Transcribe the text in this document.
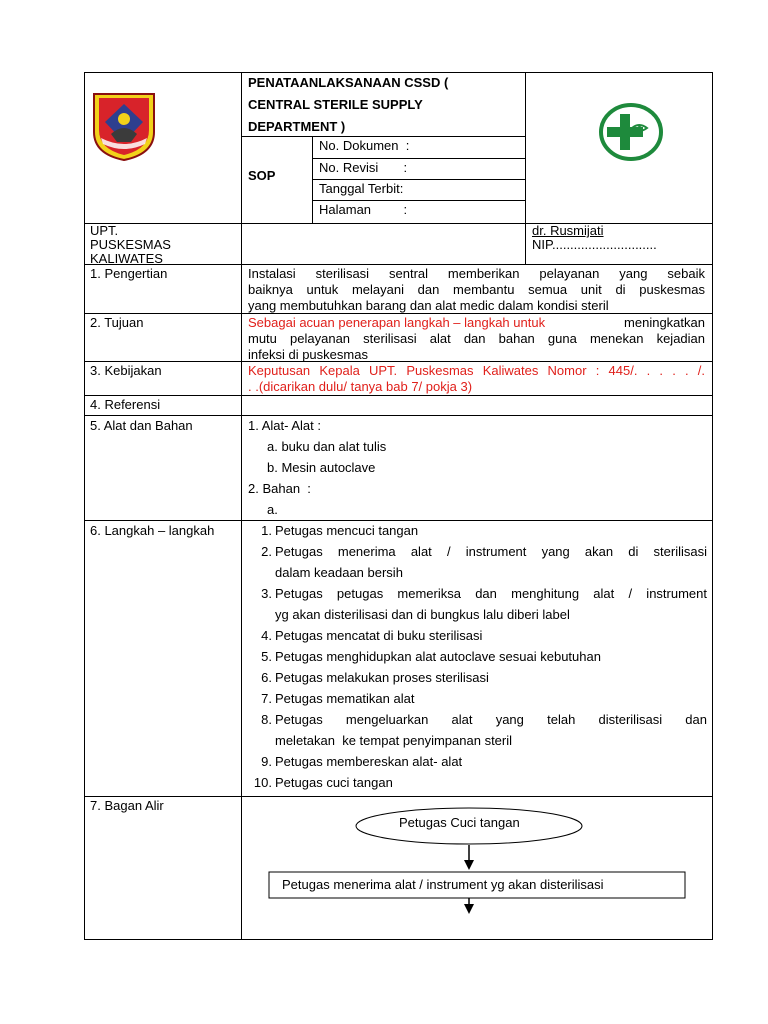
PENATAANLAKSANAAN CSSD (
CENTRAL STERILE SUPPLY
DEPARTMENT )
SOP
No. Dokumen  :
No. Revisi       :
Tanggal Terbit:
Halaman         :
UPT.
PUSKESMAS
KALIWATES
dr. Rusmijati
NIP.............................
1. Pengertian	Instalasi sterilisasi sentral memberikan pelayanan yang sebaik
baiknya untuk melayani dan membantu semua unit di puskesmas
yang membutuhkan barang dan alat medic dalam kondisi steril
2. Tujuan	Sebagai acuan penerapan langkah – langkah untuk	meningkatkan
mutu pelayanan sterilisasi alat dan bahan guna menekan kejadian
infeksi di puskesmas
3. Kebijakan	Keputusan Kepala UPT. Puskesmas Kaliwates Nomor : 445/. . . . . /.
. .(dicarikan dulu/ tanya bab 7/ pokja 3)
4. Referensi
5. Alat dan Bahan	1. Alat- Alat :
a. buku dan alat tulis
b. Mesin autoclave
2. Bahan  :
a.
6. Langkah – langkah	1. Petugas mencuci tangan
2. Petugas menerima alat / instrument yang akan di sterilisasi
dalam keadaan bersih
3. Petugas petugas memeriksa dan menghitung alat / instrument
yg akan disterilisasi dan di bungkus lalu diberi label
4. Petugas mencatat di buku sterilisasi
5. Petugas menghidupkan alat autoclave sesuai kebutuhan
6. Petugas melakukan proses sterilisasi
7. Petugas mematikan alat
8. Petugas mengeluarkan alat yang telah disterilisasi dan
meletakan  ke tempat penyimpanan steril
9. Petugas membereskan alat- alat
10. Petugas cuci tangan
7. Bagan Alir
Petugas Cuci tangan
Petugas menerima alat / instrument yg akan disterilisasi
